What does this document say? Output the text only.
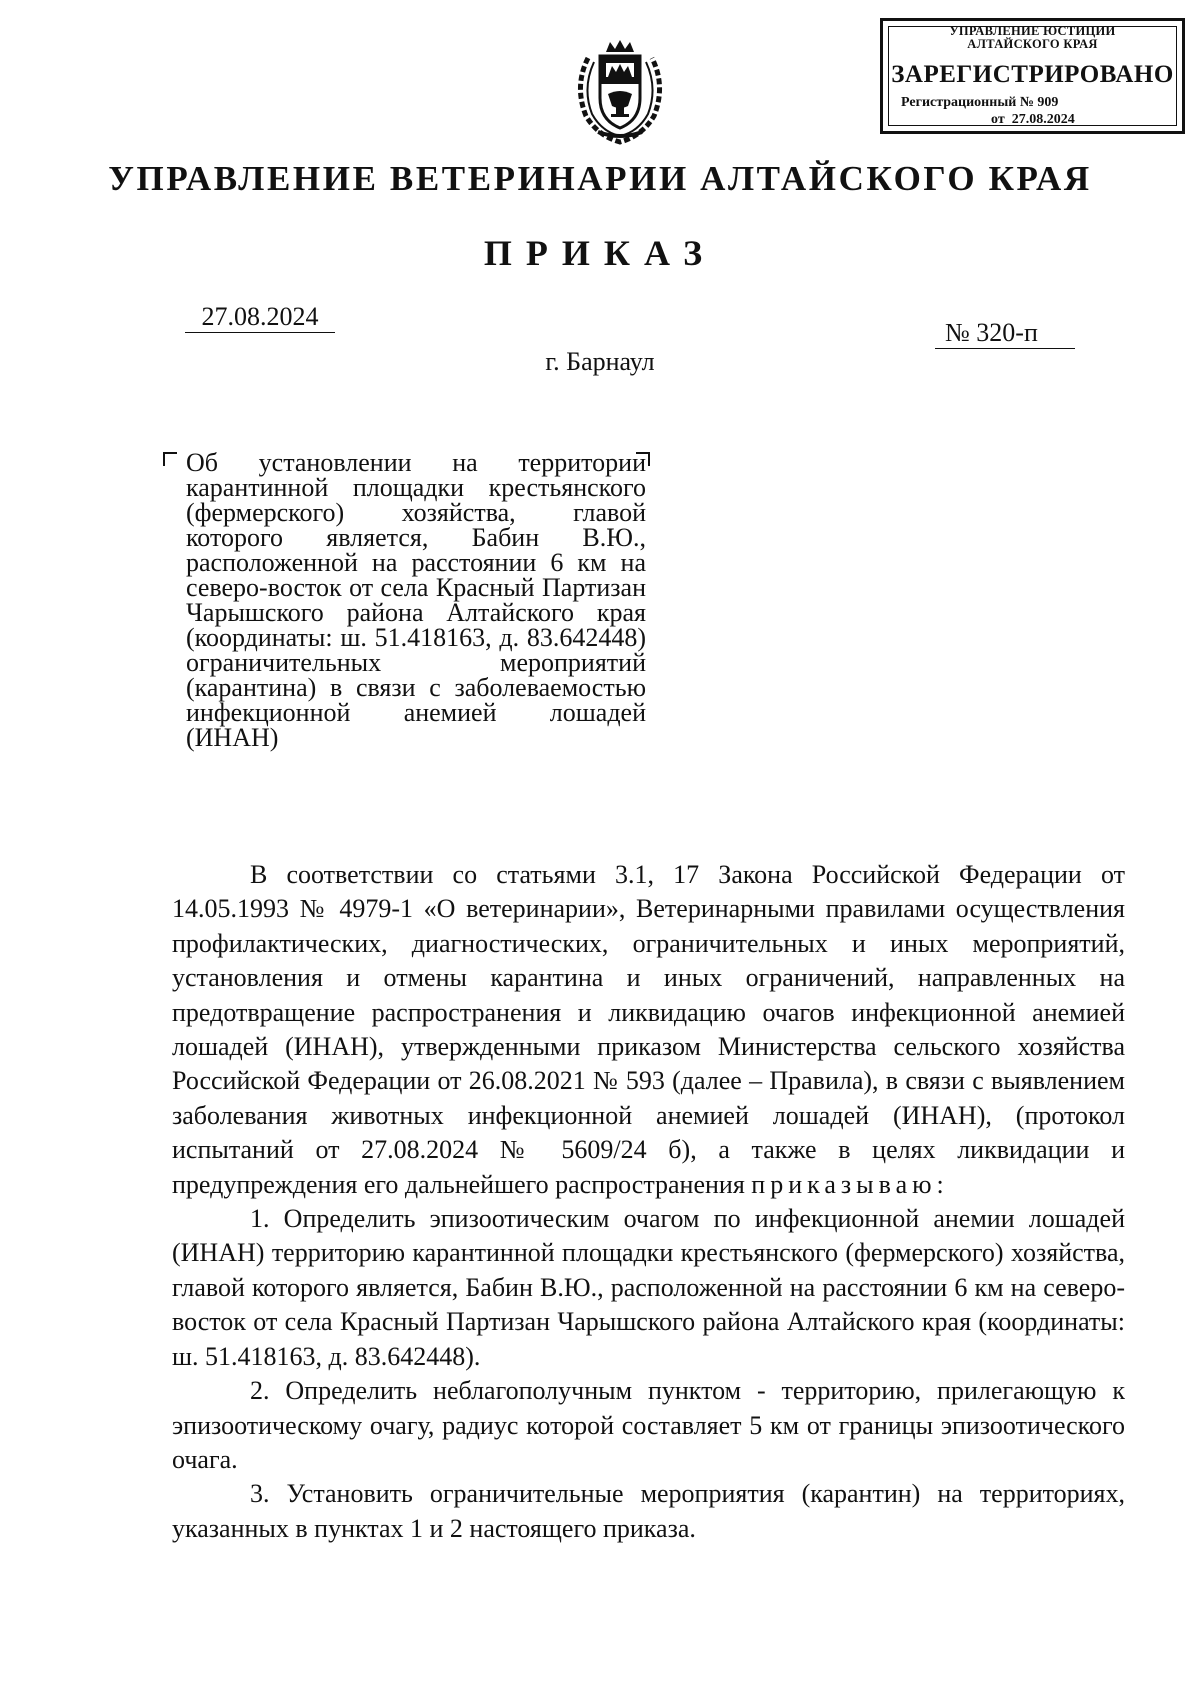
УПРАВЛЕНИЕ ЮСТИЦИИ
АЛТАЙСКОГО КРАЯ
ЗАРЕГИСТРИРОВАНО
Регистрационный № 909
от  27.08.2024
УПРАВЛЕНИЕ ВЕТЕРИНАРИИ АЛТАЙСКОГО КРАЯ
ПРИКАЗ
27.08.2024
№ 320-п
г. Барнаул
Об установлении на территории карантинной площадки крестьянского (фермерского) хозяйства, главой которого является, Бабин В.Ю., расположенной на расстоянии 6 км на северо-восток от села Красный Партизан Чарышского района Алтайского края (координаты: ш. 51.418163, д. 83.642448) ограничительных мероприятий (карантина) в связи с заболеваемостью инфекционной анемией лошадей (ИНАН)

В соответствии со статьями 3.1, 17 Закона Российской Федерации от 14.05.1993 № 4979-1 «О ветеринарии», Ветеринарными правилами осуществления профилактических, диагностических, ограничительных и иных мероприятий, установления и отмены карантина и иных ограничений, направленных на предотвращение распространения и ликвидацию очагов инфекционной анемией лошадей (ИНАН), утвержденными приказом Министерства сельского хозяйства Российской Федерации от 26.08.2021 № 593 (далее – Правила), в связи с выявлением заболевания животных инфекционной анемией лошадей (ИНАН), (протокол испытаний от 27.08.2024 № 5609/24 б), а также в целях ликвидации и предупреждения его дальнейшего распространения приказываю:

1. Определить эпизоотическим очагом по инфекционной анемии лошадей (ИНАН) территорию карантинной площадки крестьянского (фермерского) хозяйства, главой которого является, Бабин В.Ю., расположенной на расстоянии 6 км на северо-восток от села Красный Партизан Чарышского района Алтайского края (координаты: ш. 51.418163, д. 83.642448).

2. Определить неблагополучным пунктом - территорию, прилегающую к эпизоотическому очагу, радиус которой составляет 5 км от границы эпизоотического очага.

3. Установить ограничительные мероприятия (карантин) на территориях, указанных в пунктах 1 и 2 настоящего приказа.
